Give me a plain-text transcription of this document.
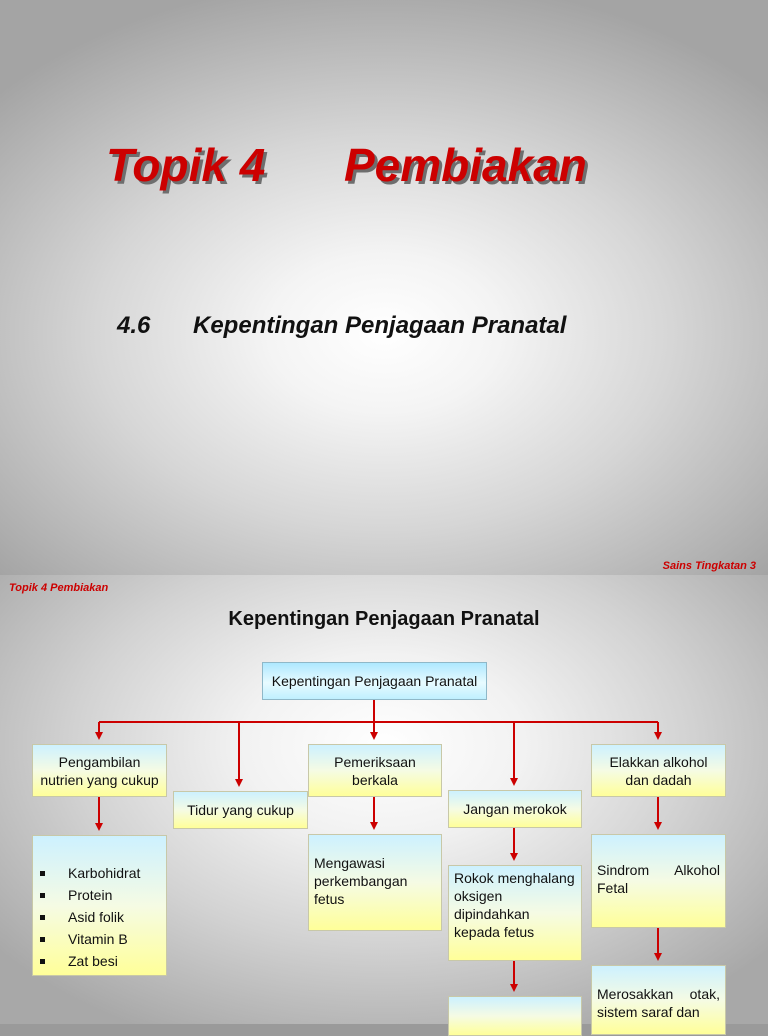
Topik 4 Pembiakan
4.6 Kepentingan Penjagaan Pranatal
Sains Tingkatan 3
Topik 4 Pembiakan
Kepentingan Penjagaan Pranatal
Kepentingan Penjagaan Pranatal
Pengambilan nutrien yang cukup
Tidur yang cukup
Pemeriksaan berkala
Jangan merokok
Elakkan alkohol dan dadah
Karbohidrat
Protein
Asid folik
Vitamin B
Zat besi
Mengawasi perkembangan fetus
Rokok menghalang oksigen dipindahkan kepada fetus
Sindrom Alkohol Fetal
Merosakkan otak, sistem saraf dan
